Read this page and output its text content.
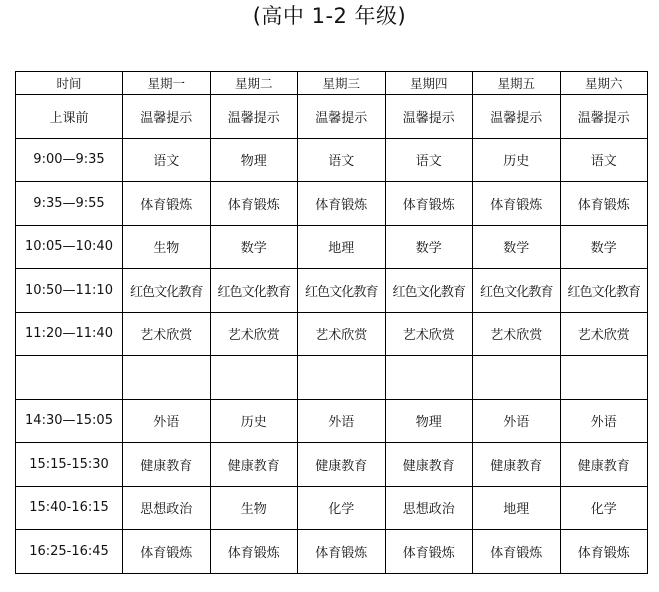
(高中 1-2 年级)
时间	星期一	星期二	星期三	星期四	星期五	星期六
上课前	温馨提示	温馨提示	温馨提示	温馨提示	温馨提示	温馨提示
9:00—9:35	语文	物理	语文	语文	历史	语文
9:35—9:55	体育锻炼	体育锻炼	体育锻炼	体育锻炼	体育锻炼	体育锻炼
10:05—10:40	生物	数学	地理	数学	数学	数学
10:50—11:10	红色文化教育	红色文化教育	红色文化教育	红色文化教育	红色文化教育	红色文化教育
11:20—11:40	艺术欣赏	艺术欣赏	艺术欣赏	艺术欣赏	艺术欣赏	艺术欣赏

14:30—15:05	外语	历史	外语	物理	外语	外语
15:15-15:30	健康教育	健康教育	健康教育	健康教育	健康教育	健康教育
15:40-16:15	思想政治	生物	化学	思想政治	地理	化学
16:25-16:45	体育锻炼	体育锻炼	体育锻炼	体育锻炼	体育锻炼	体育锻炼
